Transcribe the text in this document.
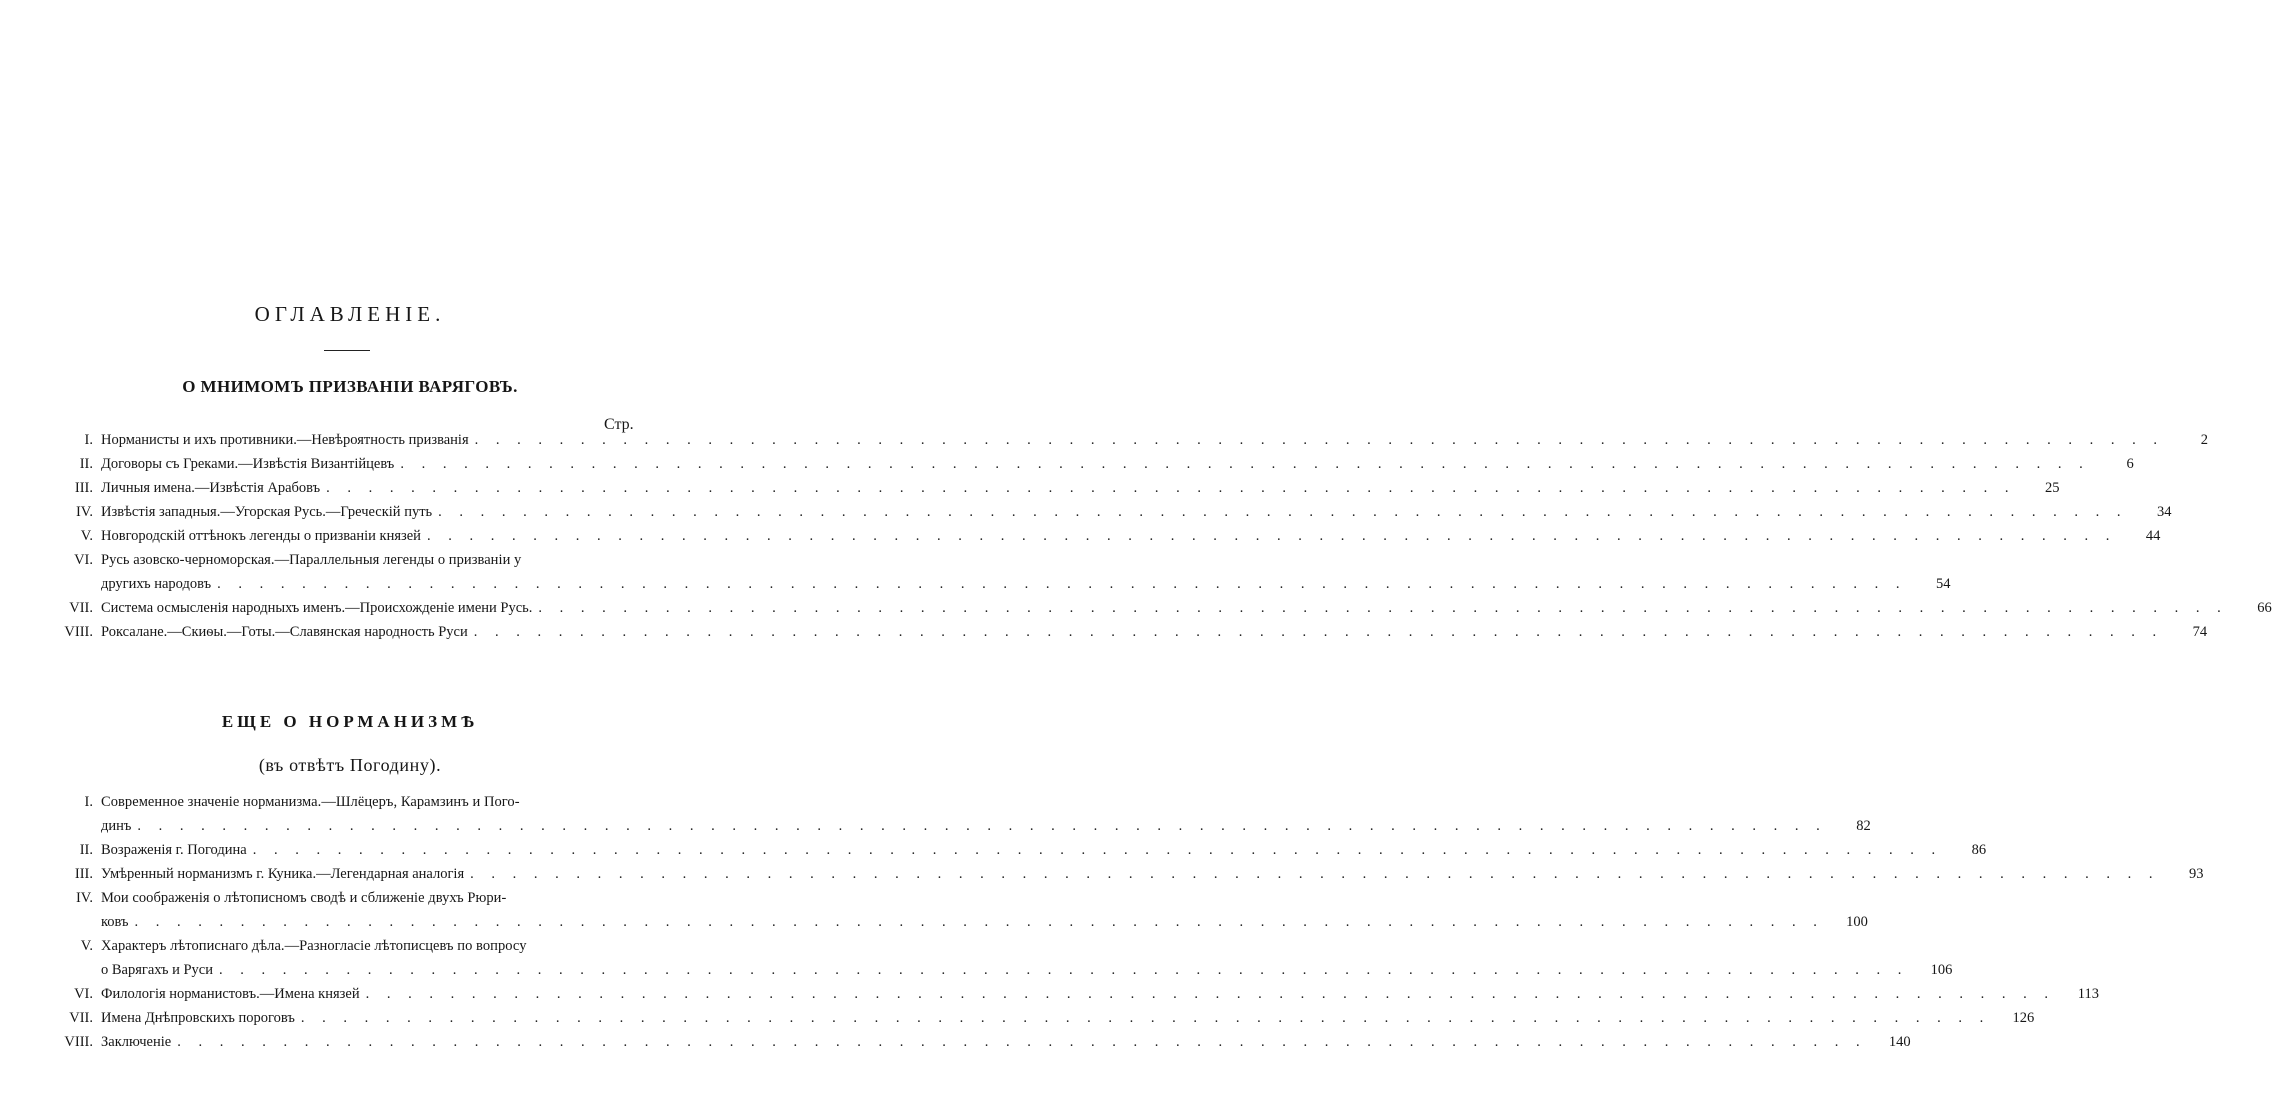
ОГЛАВЛЕНІЕ.
О МНИМОМЪ ПРИЗВАНІИ ВАРЯГОВЪ.
Стр.
I. Норманисты и ихъ противники.—Невѣроятность призванія . . . . . . . . . . . . . . . . . . . . . . . . . . . . . . . . . . . . . . . . . . . . . . . . . . . . . . . . . . . . . . . . . . . . . . . . . . . . . . . .	2
II. Договоры съ Греками.—Извѣстія Византійцевъ . . . . . . . . . . . . . . . . . . . . . . . . . . . . . . . . . . . . . . . . . . . . . . . . . . . . . . . . . . . . . . . . . . . . . . . . . . . . . . . .	6
III. Личныя имена.—Извѣстія Арабовъ . . . . . . . . . . . . . . . . . . . . . . . . . . . . . . . . . . . . . . . . . . . . . . . . . . . . . . . . . . . . . . . . . . . . . . . . . . . . . . . .	25
IV. Извѣстія западныя.—Угорская Русь.—Греческій путь . . . . . . . . . . . . . . . . . . . . . . . . . . . . . . . . . . . . . . . . . . . . . . . . . . . . . . . . . . . . . . . . . . . . . . . . . . . . . . . .	34
V. Новгородскій оттѣнокъ легенды о призваніи князей . . . . . . . . . . . . . . . . . . . . . . . . . . . . . . . . . . . . . . . . . . . . . . . . . . . . . . . . . . . . . . . . . . . . . . . . . . . . . . . .	44
VI. Русь азовско-черноморская.—Параллельныя легенды о призваніи у
другихъ народовъ . . . . . . . . . . . . . . . . . . . . . . . . . . . . . . . . . . . . . . . . . . . . . . . . . . . . . . . . . . . . . . . . . . . . . . . . . . . . . . . .	54
VII. Система осмысленія народныхъ именъ.—Происхожденіе имени Русь. . . . . . . . . . . . . . . . . . . . . . . . . . . . . . . . . . . . . . . . . . . . . . . . . . . . . . . . . . . . . . . . . . . . . . . . . . . . . . . . .	66
VIII. Роксалане.—Скиѳы.—Готы.—Славянская народность Руси . . . . . . . . . . . . . . . . . . . . . . . . . . . . . . . . . . . . . . . . . . . . . . . . . . . . . . . . . . . . . . . . . . . . . . . . . . . . . . . .	74
ЕЩЕ О НОРМАНИЗМѢ
(въ отвѣтъ Погодину).
I. Современное значеніе норманизма.—Шлёцеръ, Карамзинъ и Пого-
динъ . . . . . . . . . . . . . . . . . . . . . . . . . . . . . . . . . . . . . . . . . . . . . . . . . . . . . . . . . . . . . . . . . . . . . . . . . . . . . . . .	82
II. Возраженія г. Погодина . . . . . . . . . . . . . . . . . . . . . . . . . . . . . . . . . . . . . . . . . . . . . . . . . . . . . . . . . . . . . . . . . . . . . . . . . . . . . . . .	86
III. Умѣренный норманизмъ г. Куника.—Легендарная аналогія . . . . . . . . . . . . . . . . . . . . . . . . . . . . . . . . . . . . . . . . . . . . . . . . . . . . . . . . . . . . . . . . . . . . . . . . . . . . . . . .	93
IV. Мои соображенія о лѣтописномъ сводѣ и сближеніе двухъ Рюри-
ковъ . . . . . . . . . . . . . . . . . . . . . . . . . . . . . . . . . . . . . . . . . . . . . . . . . . . . . . . . . . . . . . . . . . . . . . . . . . . . . . . .	100
V. Характеръ лѣтописнаго дѣла.—Разногласіе лѣтописцевъ по вопросу
о Варягахъ и Руси . . . . . . . . . . . . . . . . . . . . . . . . . . . . . . . . . . . . . . . . . . . . . . . . . . . . . . . . . . . . . . . . . . . . . . . . . . . . . . . .	106
VI. Филологія норманистовъ.—Имена князей . . . . . . . . . . . . . . . . . . . . . . . . . . . . . . . . . . . . . . . . . . . . . . . . . . . . . . . . . . . . . . . . . . . . . . . . . . . . . . . .	113
VII. Имена Днѣпровскихъ пороговъ . . . . . . . . . . . . . . . . . . . . . . . . . . . . . . . . . . . . . . . . . . . . . . . . . . . . . . . . . . . . . . . . . . . . . . . . . . . . . . . .	126
VIII. Заключеніе . . . . . . . . . . . . . . . . . . . . . . . . . . . . . . . . . . . . . . . . . . . . . . . . . . . . . . . . . . . . . . . . . . . . . . . . . . . . . . . .	140
